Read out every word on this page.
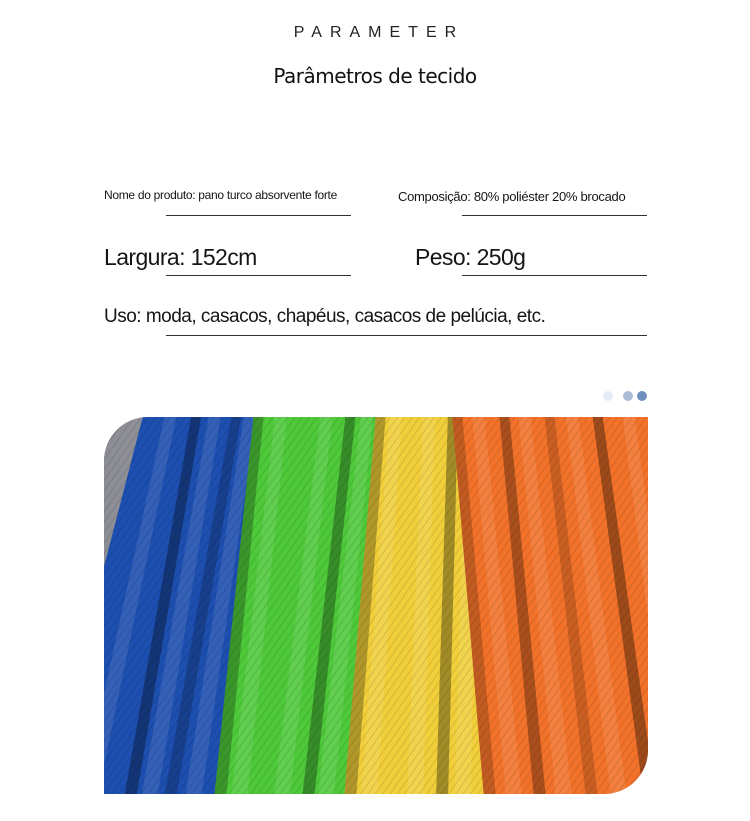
PARAMETER
Parâmetros de tecido
Nome do produto: pano turco absorvente forte	Composição: 80% poliéster 20% brocado
Largura: 152cm	Peso: 250g
Uso: moda, casacos, chapéus, casacos de pelúcia, etc.
